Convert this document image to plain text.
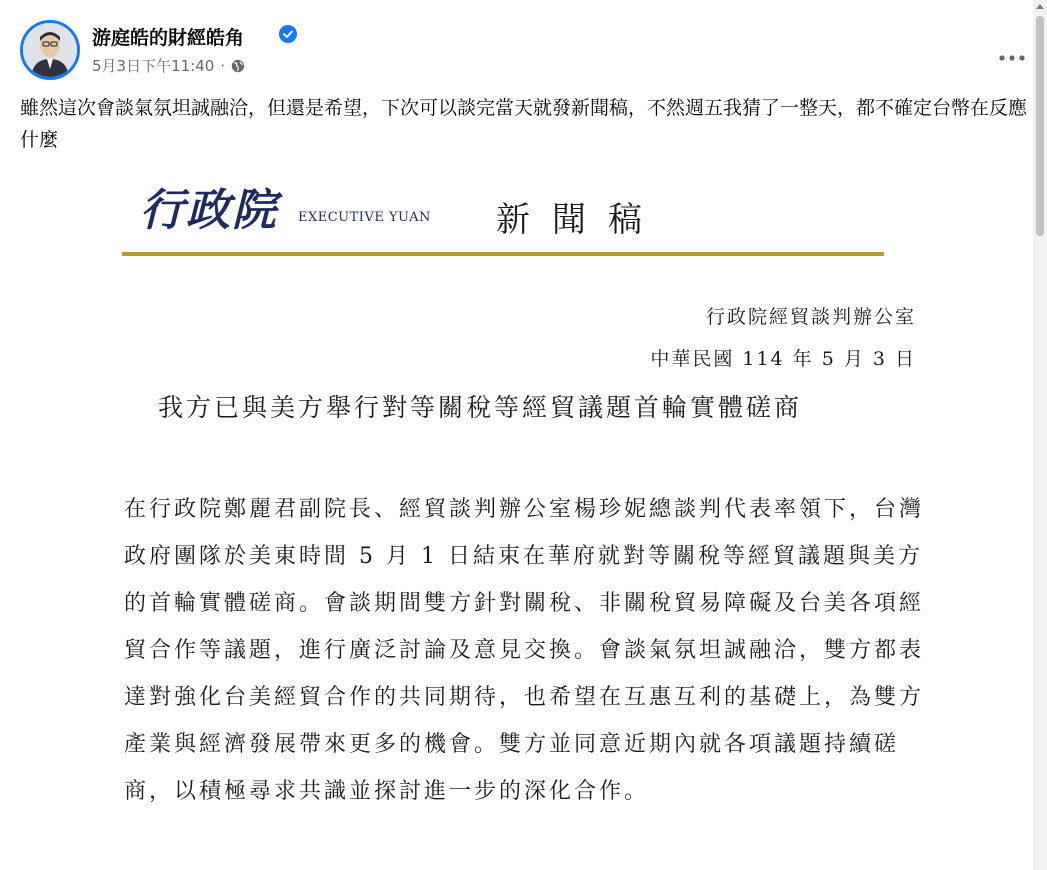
游庭皓的財經皓角
5月3日下午11:40 ·
雖然這次會談氣氛坦誠融洽，但還是希望，下次可以談完當天就發新聞稿，不然週五我猜了一整天，都不確定台幣在反應什麼
行政院 EXECUTIVE YUAN 新聞稿
行政院經貿談判辦公室
中華民國 114 年 5 月 3 日
我方已與美方舉行對等關稅等經貿議題首輪實體磋商
在行政院鄭麗君副院長、經貿談判辦公室楊珍妮總談判代表率領下，台灣政府團隊於美東時間 5 月 1 日結束在華府就對等關稅等經貿議題與美方的首輪實體磋商。會談期間雙方針對關稅、非關稅貿易障礙及台美各項經貿合作等議題，進行廣泛討論及意見交換。會談氣氛坦誠融洽，雙方都表達對強化台美經貿合作的共同期待，也希望在互惠互利的基礎上，為雙方產業與經濟發展帶來更多的機會。雙方並同意近期內就各項議題持續磋商，以積極尋求共識並探討進一步的深化合作。
